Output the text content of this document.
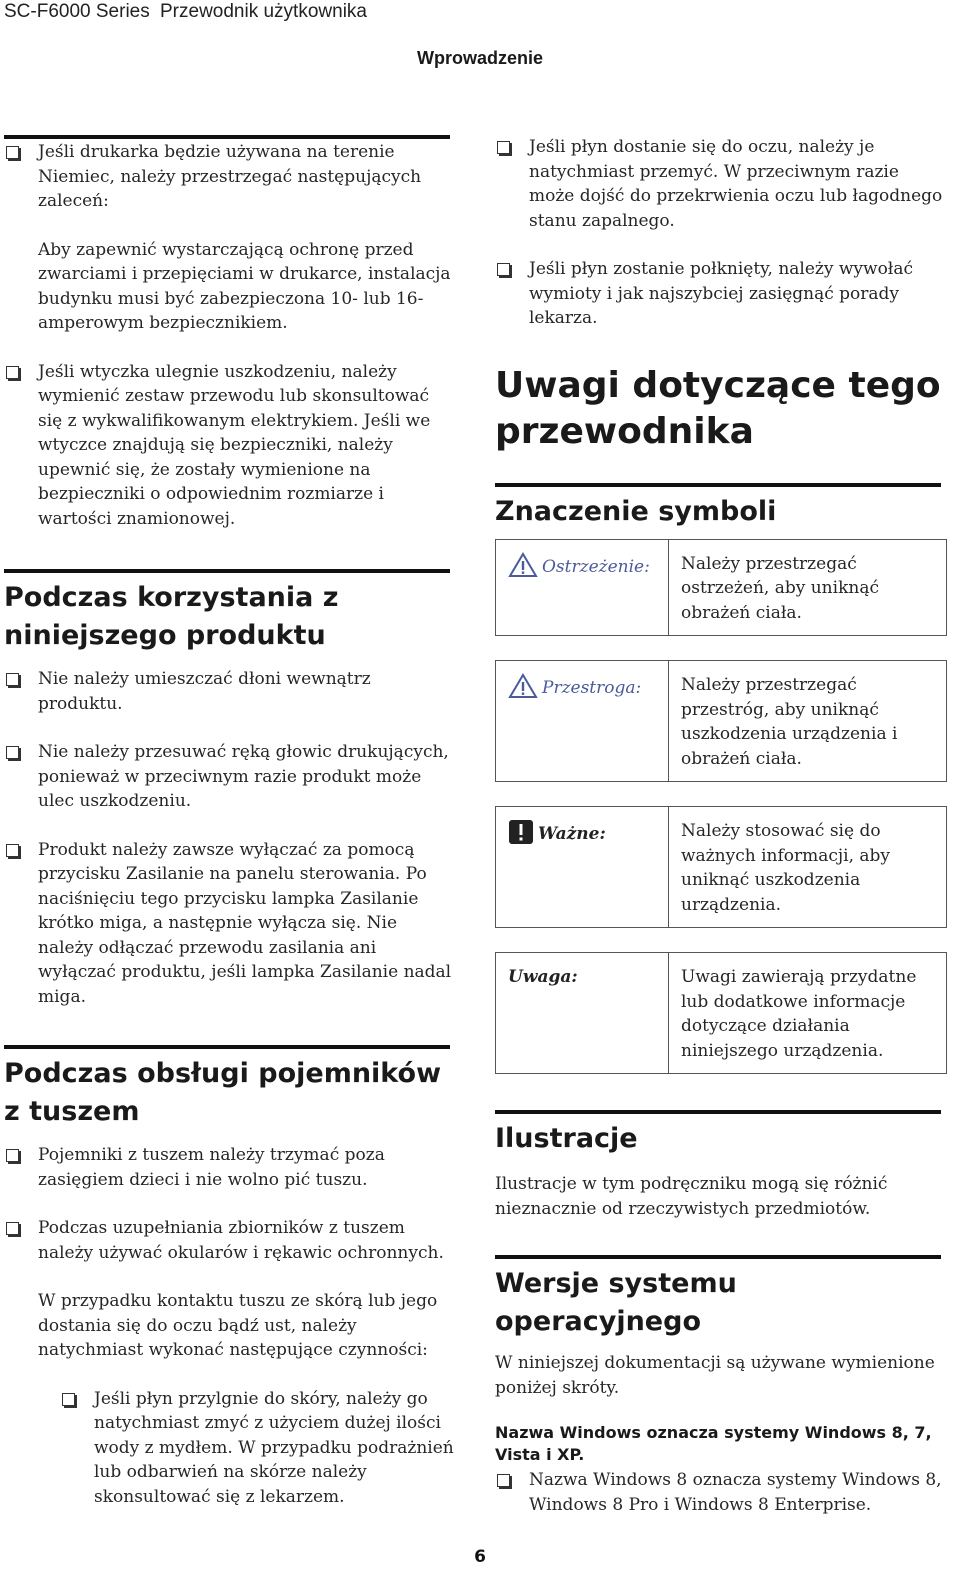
SC-F6000 Series Przewodnik użytkownika
Wprowadzenie

Jeśli drukarka będzie używana na terenie Niemiec, należy przestrzegać następujących zaleceń:

Aby zapewnić wystarczającą ochronę przed zwarciami i przepięciami w drukarce, instalacja budynku musi być zabezpieczona 10- lub 16-amperowym bezpiecznikiem.

Jeśli wtyczka ulegnie uszkodzeniu, należy wymienić zestaw przewodu lub skonsultować się z wykwalifikowanym elektrykiem. Jeśli we wtyczce znajdują się bezpieczniki, należy upewnić się, że zostały wymienione na bezpieczniki o odpowiednim rozmiarze i wartości znamionowej.

Podczas korzystania z niniejszego produktu

Nie należy umieszczać dłoni wewnątrz produktu.

Nie należy przesuwać ręką głowic drukujących, ponieważ w przeciwnym razie produkt może ulec uszkodzeniu.

Produkt należy zawsze wyłączać za pomocą przycisku Zasilanie na panelu sterowania. Po naciśnięciu tego przycisku lampka Zasilanie krótko miga, a następnie wyłącza się. Nie należy odłączać przewodu zasilania ani wyłączać produktu, jeśli lampka Zasilanie nadal miga.

Podczas obsługi pojemników z tuszem

Pojemniki z tuszem należy trzymać poza zasięgiem dzieci i nie wolno pić tuszu.

Podczas uzupełniania zbiorników z tuszem należy używać okularów i rękawic ochronnych.

W przypadku kontaktu tuszu ze skórą lub jego dostania się do oczu bądź ust, należy natychmiast wykonać następujące czynności:

Jeśli płyn przylgnie do skóry, należy go natychmiast zmyć z użyciem dużej ilości wody z mydłem. W przypadku podrażnień lub odbarwień na skórze należy skonsultować się z lekarzem.

Jeśli płyn dostanie się do oczu, należy je natychmiast przemyć. W przeciwnym razie może dojść do przekrwienia oczu lub łagodnego stanu zapalnego.

Jeśli płyn zostanie połknięty, należy wywołać wymioty i jak najszybciej zasięgnąć porady lekarza.

Uwagi dotyczące tego przewodnika
Znaczenie symboli
Ostrzeżenie:	Należy przestrzegać ostrzeżeń, aby uniknąć obrażeń ciała.
Przestroga:	Należy przestrzegać przestróg, aby uniknąć uszkodzenia urządzenia i obrażeń ciała.
Ważne:	Należy stosować się do ważnych informacji, aby uniknąć uszkodzenia urządzenia.
Uwaga:	Uwagi zawierają przydatne lub dodatkowe informacje dotyczące działania niniejszego urządzenia.
Ilustracje

Ilustracje w tym podręczniku mogą się różnić nieznacznie od rzeczywistych przedmiotów.

Wersje systemu operacyjnego

W niniejszej dokumentacji są używane wymienione poniżej skróty.

Nazwa Windows oznacza systemy Windows 8, 7, Vista i XP.

Nazwa Windows 8 oznacza systemy Windows 8, Windows 8 Pro i Windows 8 Enterprise.

6
